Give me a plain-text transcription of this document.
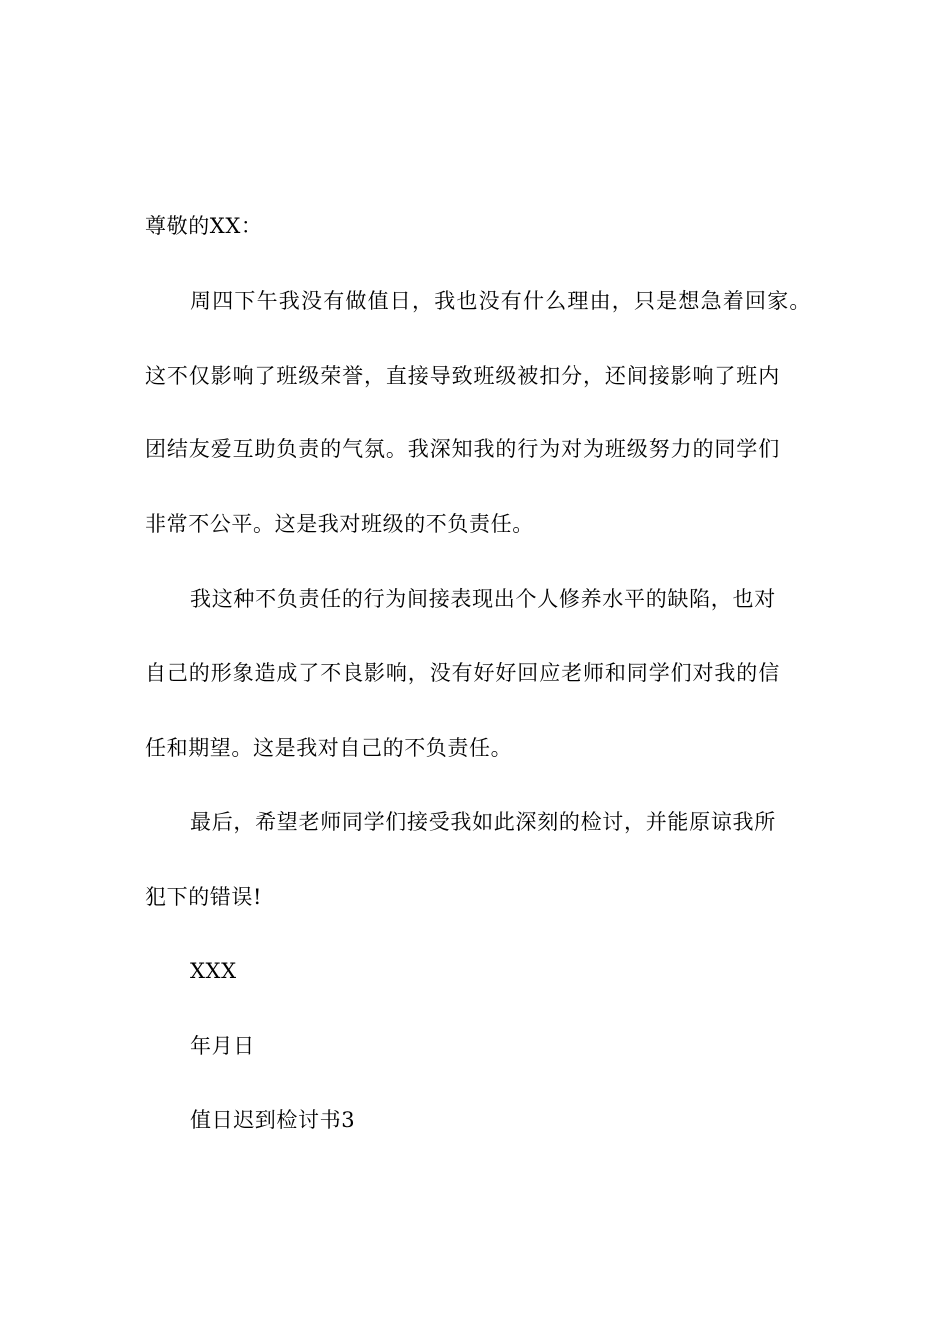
尊敬的XX：
周四下午我没有做值日，我也没有什么理由，只是想急着回家。
这不仅影响了班级荣誉，直接导致班级被扣分，还间接影响了班内
团结友爱互助负责的气氛。我深知我的行为对为班级努力的同学们
非常不公平。这是我对班级的不负责任。
我这种不负责任的行为间接表现出个人修养水平的缺陷，也对
自己的形象造成了不良影响，没有好好回应老师和同学们对我的信
任和期望。这是我对自己的不负责任。
最后，希望老师同学们接受我如此深刻的检讨，并能原谅我所
犯下的错误!
XXX
年月日
值日迟到检讨书3
